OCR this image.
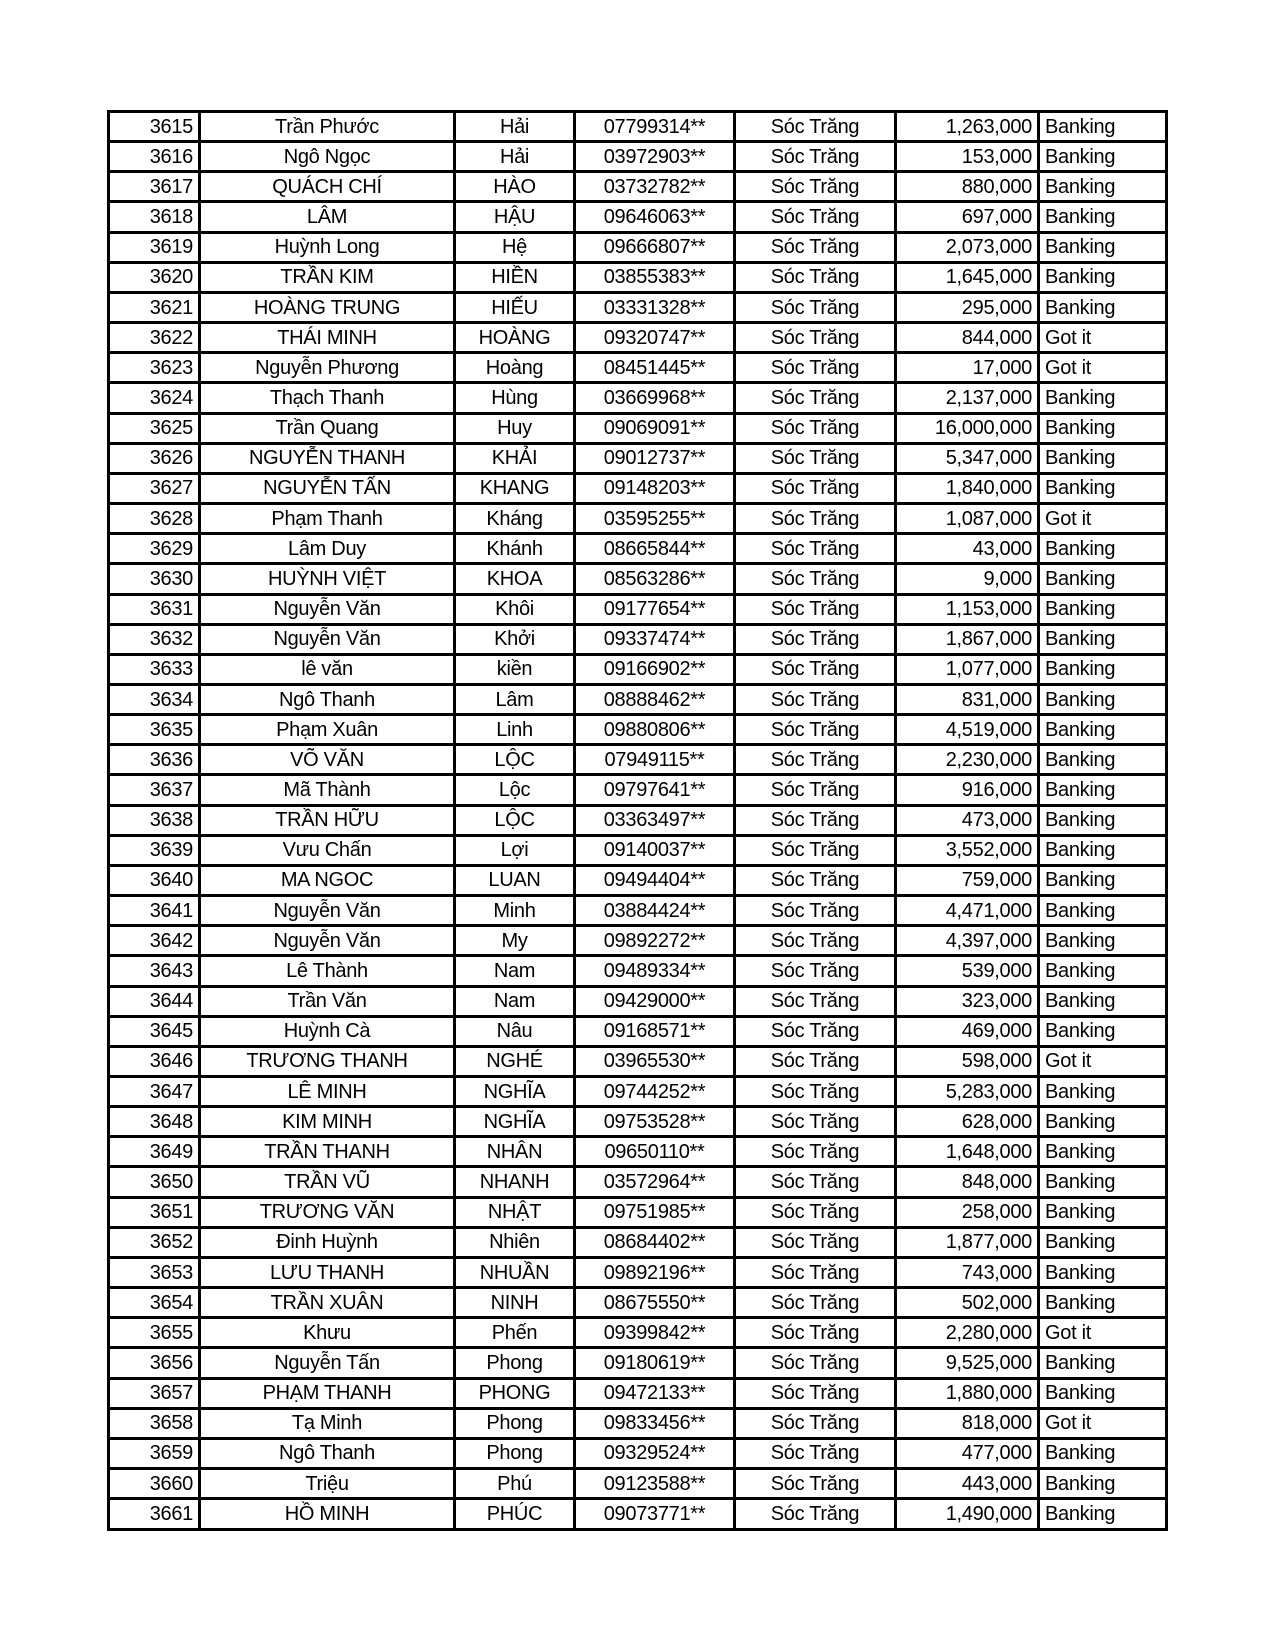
3615	Trần Phước	Hải	07799314**	Sóc Trăng	1,263,000	Banking
3616	Ngô Ngọc	Hải	03972903**	Sóc Trăng	153,000	Banking
3617	QUÁCH CHÍ	HÀO	03732782**	Sóc Trăng	880,000	Banking
3618	LÂM	HẬU	09646063**	Sóc Trăng	697,000	Banking
3619	Huỳnh Long	Hệ	09666807**	Sóc Trăng	2,073,000	Banking
3620	TRẦN KIM	HIỀN	03855383**	Sóc Trăng	1,645,000	Banking
3621	HOÀNG TRUNG	HIẾU	03331328**	Sóc Trăng	295,000	Banking
3622	THÁI MINH	HOÀNG	09320747**	Sóc Trăng	844,000	Got it
3623	Nguyễn Phương	Hoàng	08451445**	Sóc Trăng	17,000	Got it
3624	Thạch Thanh	Hùng	03669968**	Sóc Trăng	2,137,000	Banking
3625	Trần Quang	Huy	09069091**	Sóc Trăng	16,000,000	Banking
3626	NGUYỄN THANH	KHẢI	09012737**	Sóc Trăng	5,347,000	Banking
3627	NGUYỄN TẤN	KHANG	09148203**	Sóc Trăng	1,840,000	Banking
3628	Phạm Thanh	Kháng	03595255**	Sóc Trăng	1,087,000	Got it
3629	Lâm Duy	Khánh	08665844**	Sóc Trăng	43,000	Banking
3630	HUỲNH VIỆT	KHOA	08563286**	Sóc Trăng	9,000	Banking
3631	Nguyễn Văn	Khôi	09177654**	Sóc Trăng	1,153,000	Banking
3632	Nguyễn Văn	Khởi	09337474**	Sóc Trăng	1,867,000	Banking
3633	lê văn	kiền	09166902**	Sóc Trăng	1,077,000	Banking
3634	Ngô Thanh	Lâm	08888462**	Sóc Trăng	831,000	Banking
3635	Phạm Xuân	Linh	09880806**	Sóc Trăng	4,519,000	Banking
3636	VÕ VĂN	LỘC	07949115**	Sóc Trăng	2,230,000	Banking
3637	Mã Thành	Lộc	09797641**	Sóc Trăng	916,000	Banking
3638	TRẦN HỮU	LỘC	03363497**	Sóc Trăng	473,000	Banking
3639	Vưu Chấn	Lợi	09140037**	Sóc Trăng	3,552,000	Banking
3640	MA NGOC	LUAN	09494404**	Sóc Trăng	759,000	Banking
3641	Nguyễn Văn	Minh	03884424**	Sóc Trăng	4,471,000	Banking
3642	Nguyễn Văn	My	09892272**	Sóc Trăng	4,397,000	Banking
3643	Lê Thành	Nam	09489334**	Sóc Trăng	539,000	Banking
3644	Trần Văn	Nam	09429000**	Sóc Trăng	323,000	Banking
3645	Huỳnh Cà	Nâu	09168571**	Sóc Trăng	469,000	Banking
3646	TRƯƠNG THANH	NGHÉ	03965530**	Sóc Trăng	598,000	Got it
3647	LÊ MINH	NGHĨA	09744252**	Sóc Trăng	5,283,000	Banking
3648	KIM MINH	NGHĨA	09753528**	Sóc Trăng	628,000	Banking
3649	TRẦN THANH	NHÂN	09650110**	Sóc Trăng	1,648,000	Banking
3650	TRẦN VŨ	NHANH	03572964**	Sóc Trăng	848,000	Banking
3651	TRƯƠNG VĂN	NHẬT	09751985**	Sóc Trăng	258,000	Banking
3652	Đinh Huỳnh	Nhiên	08684402**	Sóc Trăng	1,877,000	Banking
3653	LƯU THANH	NHUẦN	09892196**	Sóc Trăng	743,000	Banking
3654	TRẦN XUÂN	NINH	08675550**	Sóc Trăng	502,000	Banking
3655	Khưu	Phến	09399842**	Sóc Trăng	2,280,000	Got it
3656	Nguyễn Tấn	Phong	09180619**	Sóc Trăng	9,525,000	Banking
3657	PHẠM THANH	PHONG	09472133**	Sóc Trăng	1,880,000	Banking
3658	Tạ Minh	Phong	09833456**	Sóc Trăng	818,000	Got it
3659	Ngô Thanh	Phong	09329524**	Sóc Trăng	477,000	Banking
3660	Triệu	Phú	09123588**	Sóc Trăng	443,000	Banking
3661	HỒ MINH	PHÚC	09073771**	Sóc Trăng	1,490,000	Banking
